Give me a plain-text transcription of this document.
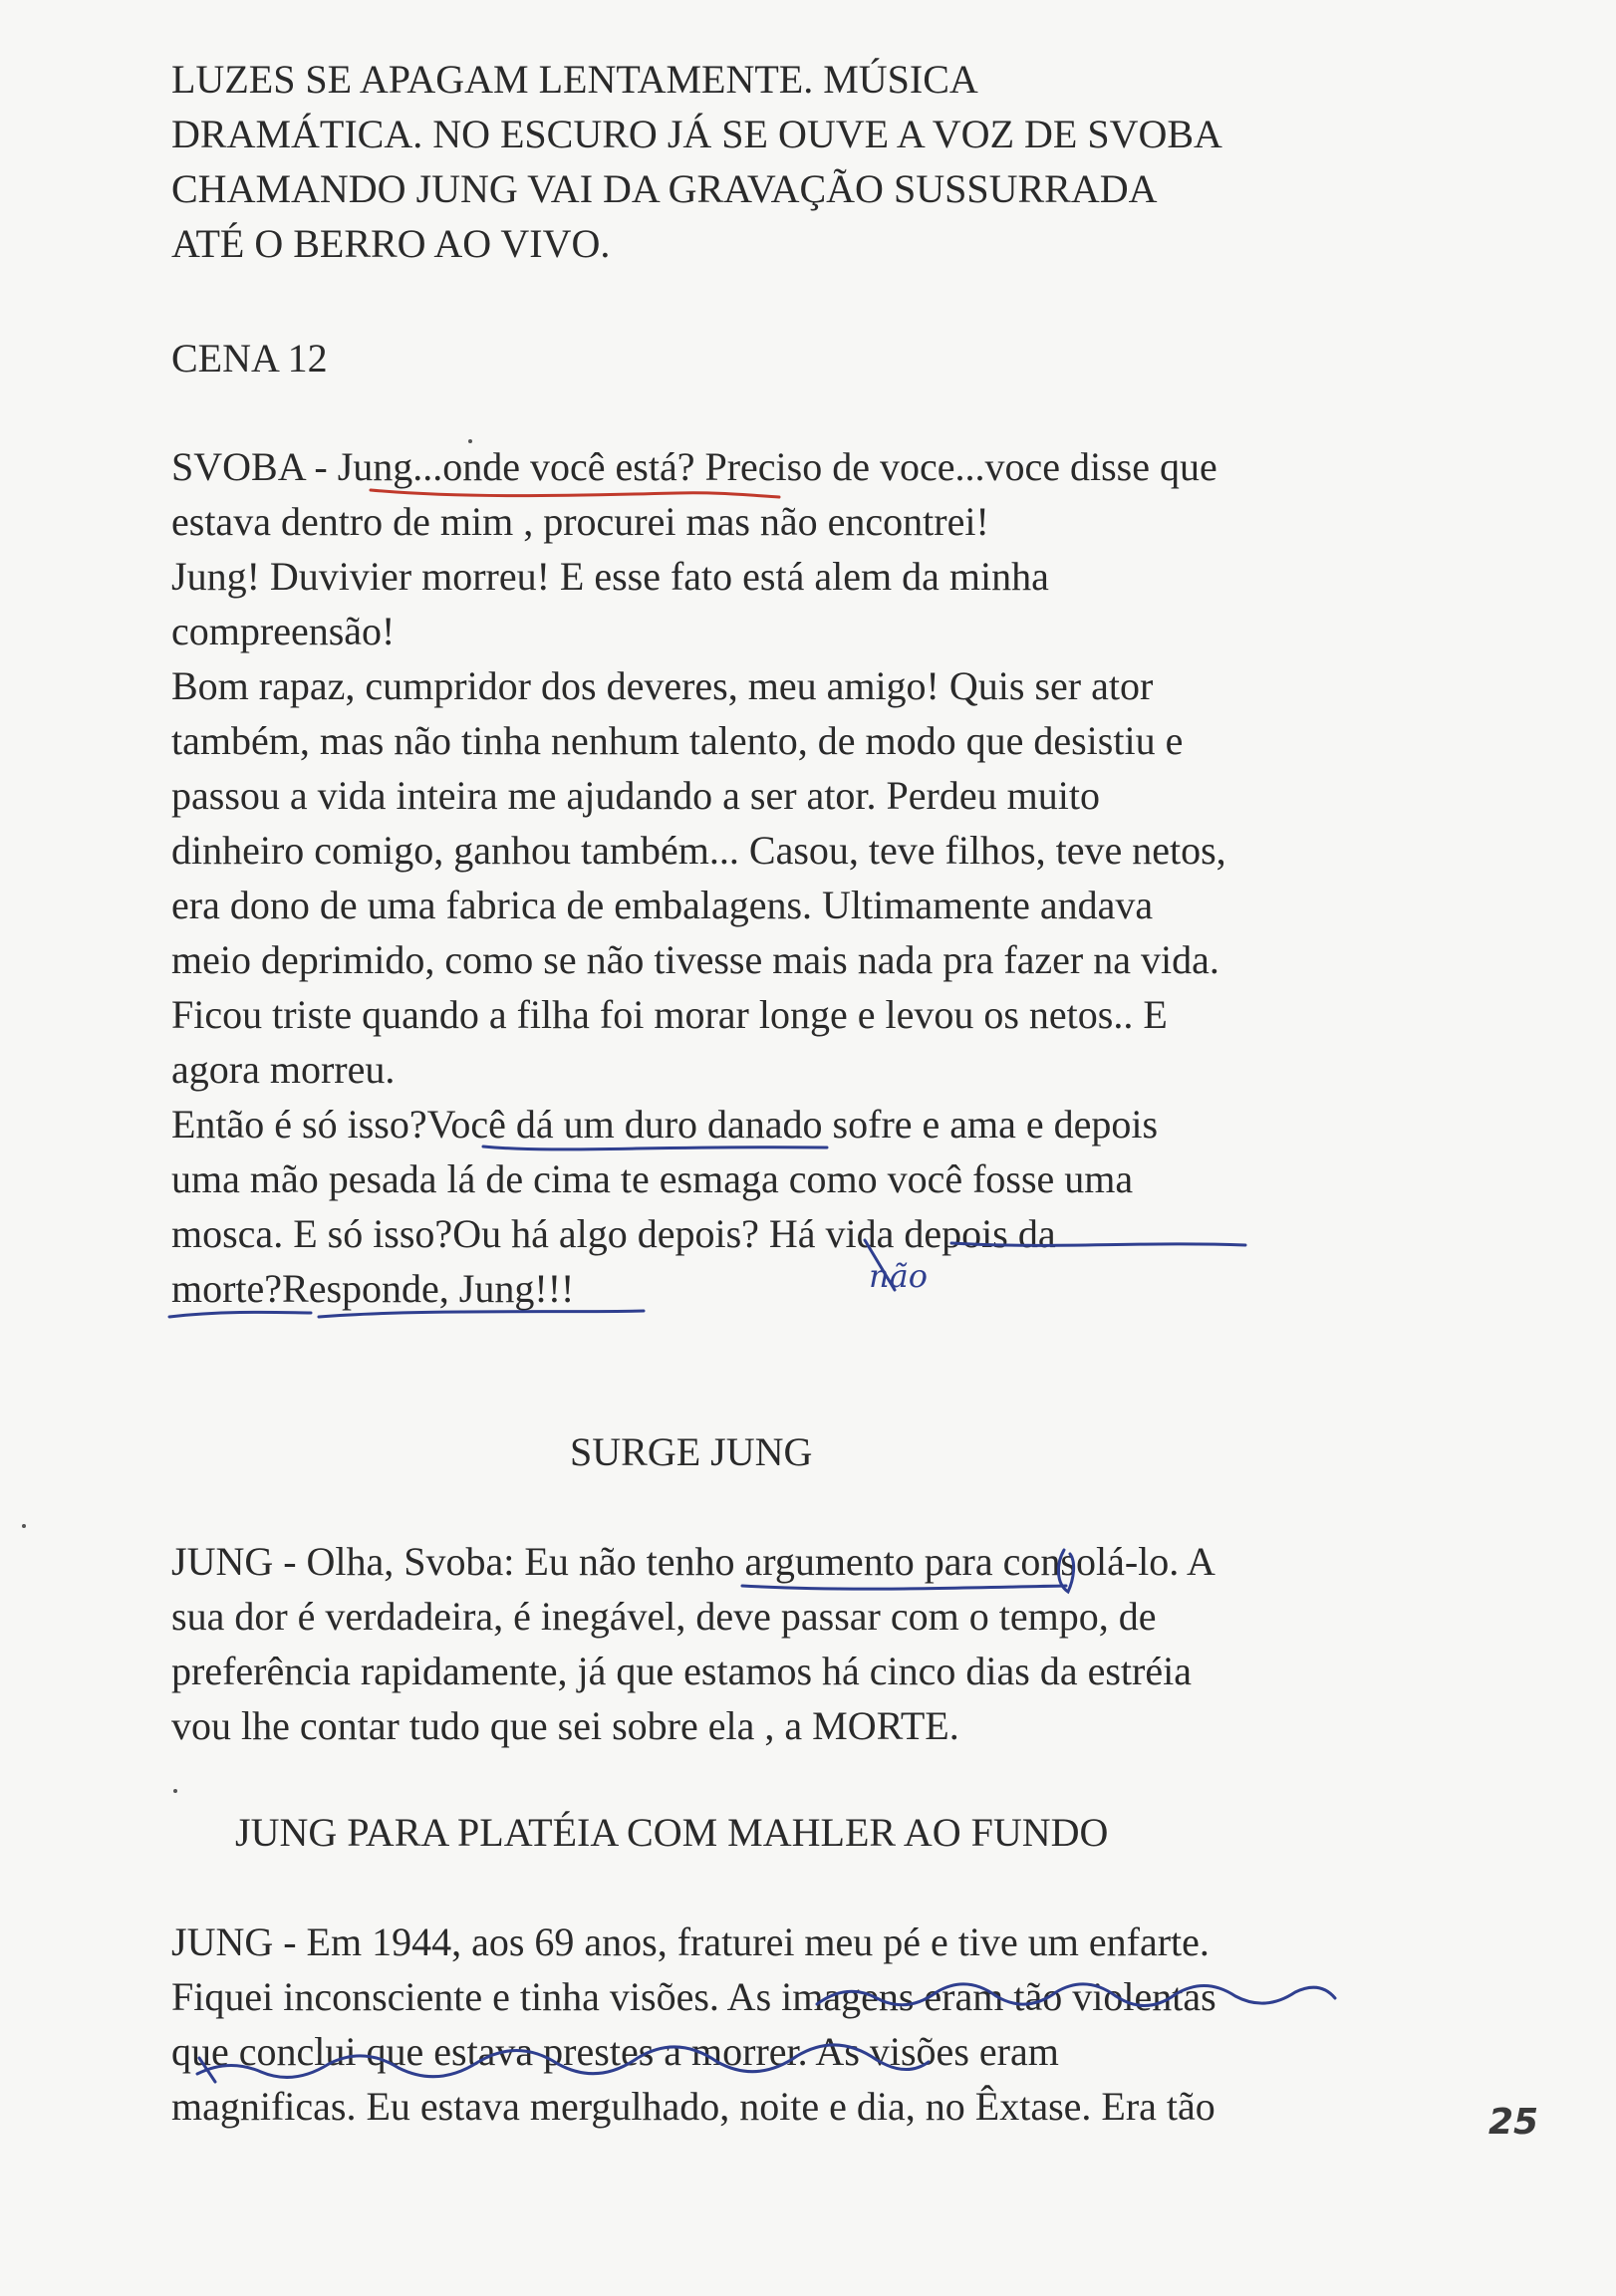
LUZES SE APAGAM LENTAMENTE. MÚSICA
DRAMÁTICA. NO ESCURO JÁ SE OUVE A VOZ DE SVOBA
CHAMANDO JUNG VAI DA GRAVAÇÃO SUSSURRADA
ATÉ O BERRO AO VIVO.
CENA 12
SVOBA - Jung...onde você está? Preciso de voce...voce disse que
estava dentro de mim , procurei mas não encontrei!
Jung! Duvivier morreu! E esse fato está alem da minha
compreensão!
Bom rapaz, cumpridor dos deveres, meu amigo! Quis ser ator
também, mas não tinha nenhum talento, de modo que desistiu e
passou a vida inteira me ajudando a ser ator. Perdeu muito
dinheiro comigo, ganhou também... Casou, teve filhos, teve netos,
era dono de uma fabrica de embalagens. Ultimamente andava
meio deprimido, como se não tivesse mais nada pra fazer na vida.
Ficou triste quando a filha foi morar longe e levou os netos.. E
agora morreu.
Então é só isso?Você dá um duro danado sofre e ama e depois
uma mão pesada lá de cima te esmaga como você fosse uma
mosca. E só isso?Ou há algo depois? Há vida depois da
morte?Responde, Jung!!!
SURGE JUNG
JUNG - Olha, Svoba: Eu não tenho argumento para consolá-lo. A
sua dor é verdadeira, é inegável, deve passar com o tempo, de
preferência rapidamente, já que estamos há cinco dias da estréia
vou lhe contar tudo que sei sobre ela , a MORTE.
JUNG PARA PLATÉIA COM MAHLER AO FUNDO
JUNG - Em 1944, aos 69 anos, fraturei meu pé e tive um enfarte.
Fiquei inconsciente e tinha visões. As imagens eram tão violentas
que conclui que estava prestes a morrer. As visões eram
magnificas. Eu estava mergulhado, noite e dia, no Êxtase. Era tão	25
não
